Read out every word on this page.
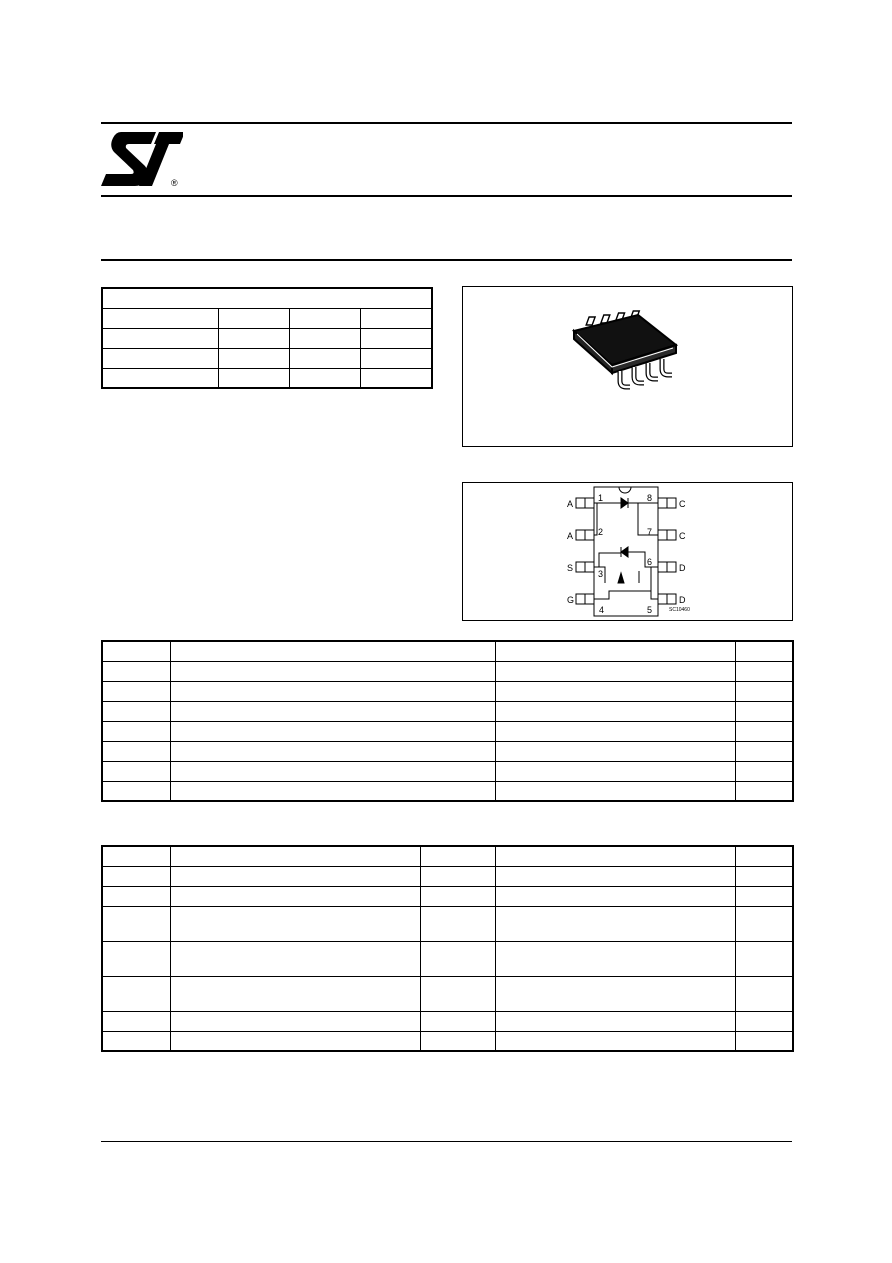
®

A
A
S
G
C
C
D
D
1
2
3
4
8
7
6
5	SC10460
